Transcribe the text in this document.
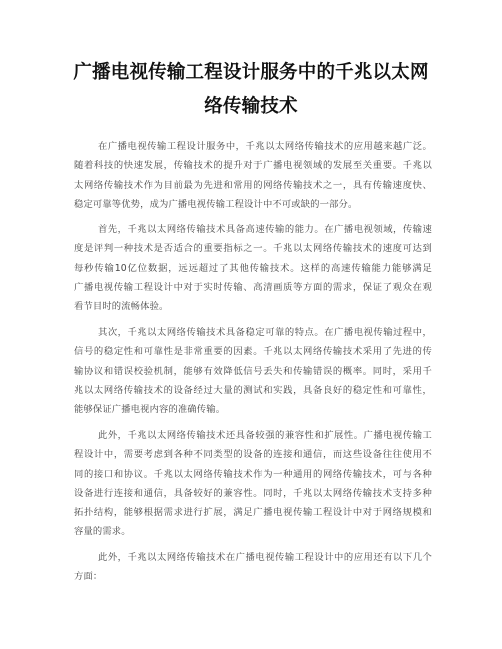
广播电视传输工程设计服务中的千兆以太网
络传输技术
在广播电视传输工程设计服务中，千兆以太网络传输技术的应用越来越广泛。
随着科技的快速发展，传输技术的提升对于广播电视领域的发展至关重要。千兆以
太网络传输技术作为目前最为先进和常用的网络传输技术之一，具有传输速度快、
稳定可靠等优势，成为广播电视传输工程设计中不可或缺的一部分。
首先，千兆以太网络传输技术具备高速传输的能力。在广播电视领域，传输速
度是评判一种技术是否适合的重要指标之一。千兆以太网络传输技术的速度可达到
每秒传输10亿位数据，远远超过了其他传输技术。这样的高速传输能力能够满足
广播电视传输工程设计中对于实时传输、高清画质等方面的需求，保证了观众在观
看节目时的流畅体验。
其次，千兆以太网络传输技术具备稳定可靠的特点。在广播电视传输过程中，
信号的稳定性和可靠性是非常重要的因素。千兆以太网络传输技术采用了先进的传
输协议和错误校验机制，能够有效降低信号丢失和传输错误的概率。同时，采用千
兆以太网络传输技术的设备经过大量的测试和实践，具备良好的稳定性和可靠性，
能够保证广播电视内容的准确传输。
此外，千兆以太网络传输技术还具备较强的兼容性和扩展性。广播电视传输工
程设计中，需要考虑到各种不同类型的设备的连接和通信，而这些设备往往使用不
同的接口和协议。千兆以太网络传输技术作为一种通用的网络传输技术，可与各种
设备进行连接和通信，具备较好的兼容性。同时，千兆以太网络传输技术支持多种
拓扑结构，能够根据需求进行扩展，满足广播电视传输工程设计中对于网络规模和
容量的需求。
此外，千兆以太网络传输技术在广播电视传输工程设计中的应用还有以下几个
方面：
